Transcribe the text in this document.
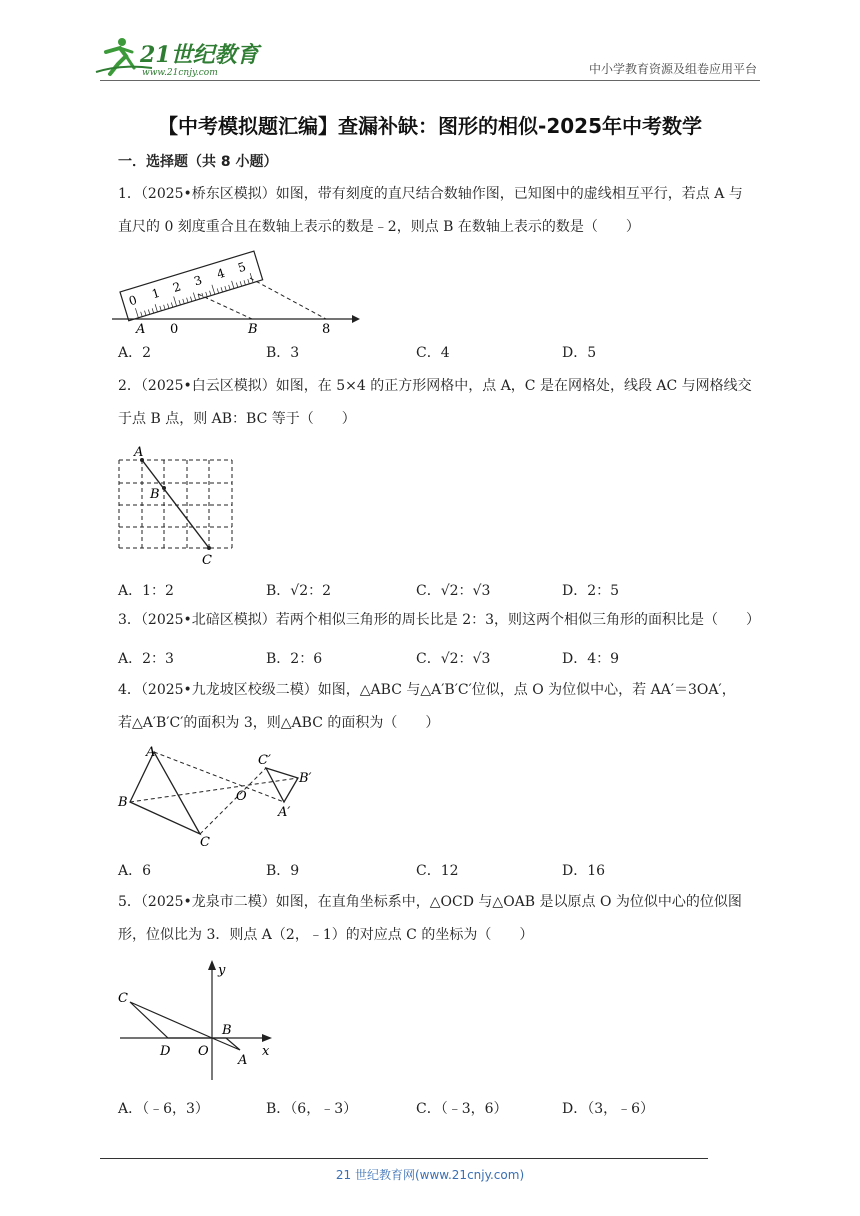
21世纪教育
www.21cnjy.com	中小学教育资源及组卷应用平台
【中考模拟题汇编】查漏补缺：图形的相似-2025年中考数学
一．选择题（共 8 小题）
1．（2025•桥东区模拟）如图，带有刻度的直尺结合数轴作图，已知图中的虚线相互平行，若点 A 与
直尺的 0 刻度重合且在数轴上表示的数是﹣2，则点 B 在数轴上表示的数是（　　）
0 1 2 3 4 5
A 0	B	8
A．2	B．3	C．4	D．5
2．（2025•白云区模拟）如图，在 5×4 的正方形网格中，点 A，C 是在网格处，线段 AC 与网格线交
于点 B 点，则 AB：BC 等于（　　）
A
B
C
A．1：2	B．√2：2	C．√2：√3	D．2：5
3．（2025•北碚区模拟）若两个相似三角形的周长比是 2：3，则这两个相似三角形的面积比是（　　）
A．2：3	B．2：6	C．√2：√3	D．4：9
4．（2025•九龙坡区校级二模）如图，△ABC 与△A′B′C′位似，点 O 为位似中心，若 AA′＝3OA′，
若△A′B′C′的面积为 3，则△ABC 的面积为（　　）
A
B
C
O
C′
B′
A′
A．6	B．9	C．12	D．16
5．（2025•龙泉市二模）如图，在直角坐标系中，△OCD 与△OAB 是以原点 O 为位似中心的位似图
形，位似比为 3．则点 A（2，﹣1）的对应点 C 的坐标为（　　）
y
C
B
D O	x
A
A．（﹣6，3）	B．（6，﹣3）	C．（﹣3，6）	D．（3，﹣6）
21 世纪教育网(www.21cnjy.com)
